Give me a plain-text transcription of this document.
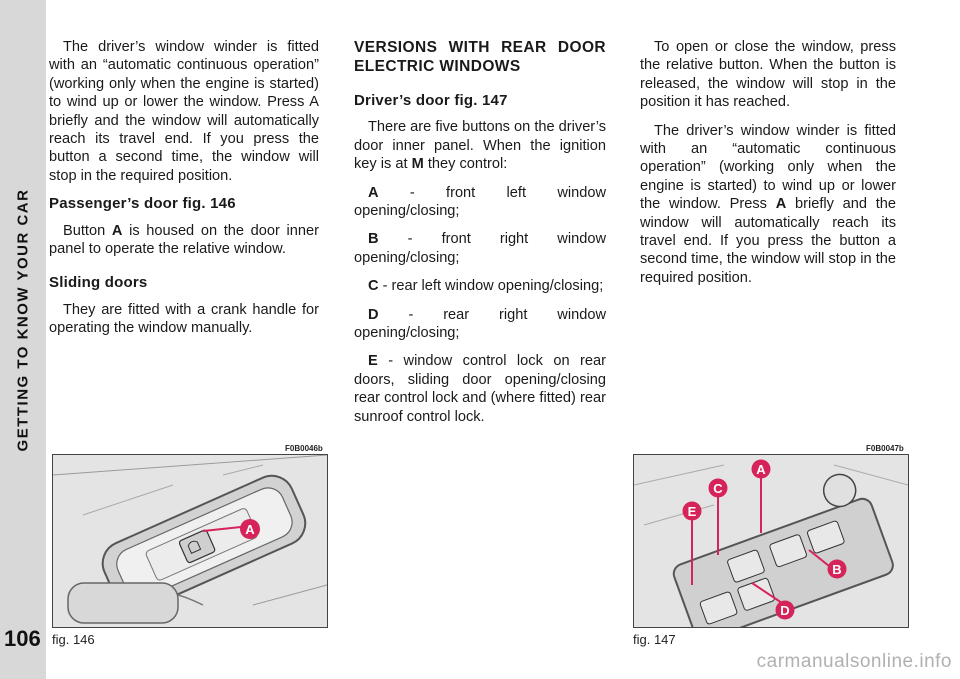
GETTING TO KNOW YOUR CAR
106

The driver’s window winder is fitted with an “automatic continuous operation” (working only when the engine is started) to wind up or lower the window. Press A briefly and the window will automatically reach its travel end. If you press the button a second time, the window will stop in the required position.

Passenger’s door fig. 146

Button A is housed on the door inner panel to operate the relative window.

Sliding doors

They are fitted with a crank handle for operating the window manually.

VERSIONS WITH REAR DOOR ELECTRIC WINDOWS
Driver’s door fig. 147

There are five buttons on the driver’s door inner panel. When the ignition key is at M they control:

A - front left window opening/closing;

B - front right window opening/closing;

C - rear left window opening/closing;

D - rear right window opening/closing;

E - window control lock on rear doors, sliding door opening/closing rear control lock and (where fitted) rear sunroof control lock.

To open or close the window, press the relative button. When the button is released, the window will stop in the position it has reached.

The driver’s window winder is fitted with an “automatic continuous operation” (working only when the engine is started) to wind up or lower the window. Press A briefly and the window will automatically reach its travel end. If you press the button a second time, the window will stop in the required position.

F0B0046b
A
fig. 146
F0B0047b
A
B
C
D
E
fig. 147
carmanualsonline.info
